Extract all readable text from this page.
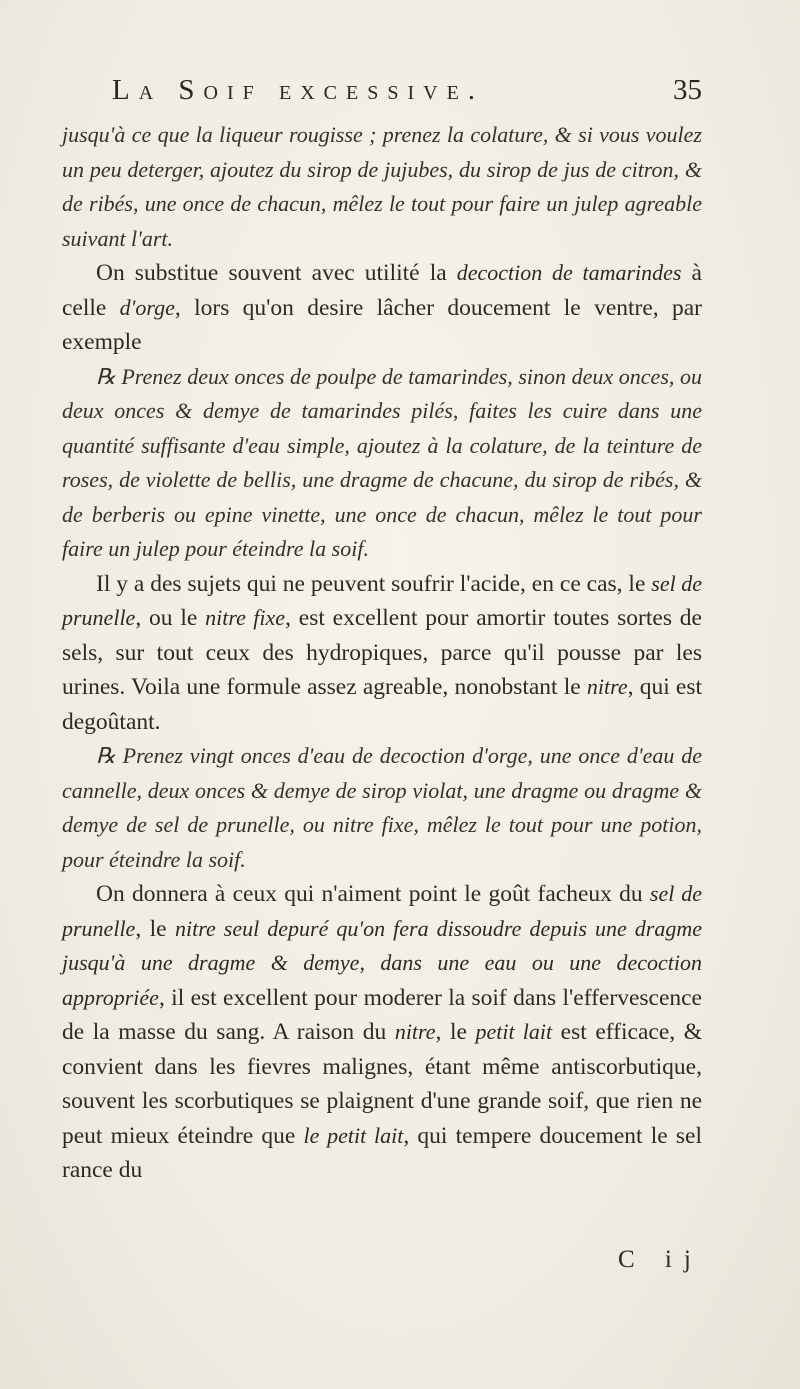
La Soif excessive.	35

jusqu'à ce que la liqueur rougisse ; prenez la colature, & si vous voulez un peu deterger, ajoutez du sirop de jujubes, du sirop de jus de citron, & de ribés, une once de chacun, mêlez le tout pour faire un julep agreable suivant l'art.

On substitue souvent avec utilité la decoction de tamarindes à celle d'orge, lors qu'on desire lâcher doucement le ventre, par exemple

℞ Prenez deux onces de poulpe de tamarindes, sinon deux onces, ou deux onces & demye de tamarindes pilés, faites les cuire dans une quantité suffisante d'eau simple, ajoutez à la colature, de la teinture de roses, de violette de bellis, une dragme de chacune, du sirop de ribés, & de berberis ou epine vinette, une once de chacun, mêlez le tout pour faire un julep pour éteindre la soif.

Il y a des sujets qui ne peuvent soufrir l'acide, en ce cas, le sel de prunelle, ou le nitre fixe, est excellent pour amortir toutes sortes de sels, sur tout ceux des hydropiques, parce qu'il pousse par les urines. Voila une formule assez agreable, nonobstant le nitre, qui est degoûtant.

℞ Prenez vingt onces d'eau de decoction d'orge, une once d'eau de cannelle, deux onces & demye de sirop violat, une dragme ou dragme & demye de sel de prunelle, ou nitre fixe, mêlez le tout pour une potion, pour éteindre la soif.

On donnera à ceux qui n'aiment point le goût facheux du sel de prunelle, le nitre seul depuré qu'on fera dissoudre depuis une dragme jusqu'à une dragme & demye, dans une eau ou une decoction appropriée, il est excellent pour moderer la soif dans l'effervescence de la masse du sang. A raison du nitre, le petit lait est efficace, & convient dans les fievres malignes, étant même antiscorbutique, souvent les scorbutiques se plaignent d'une grande soif, que rien ne peut mieux éteindre que le petit lait, qui tempere doucement le sel rance du

C ij
